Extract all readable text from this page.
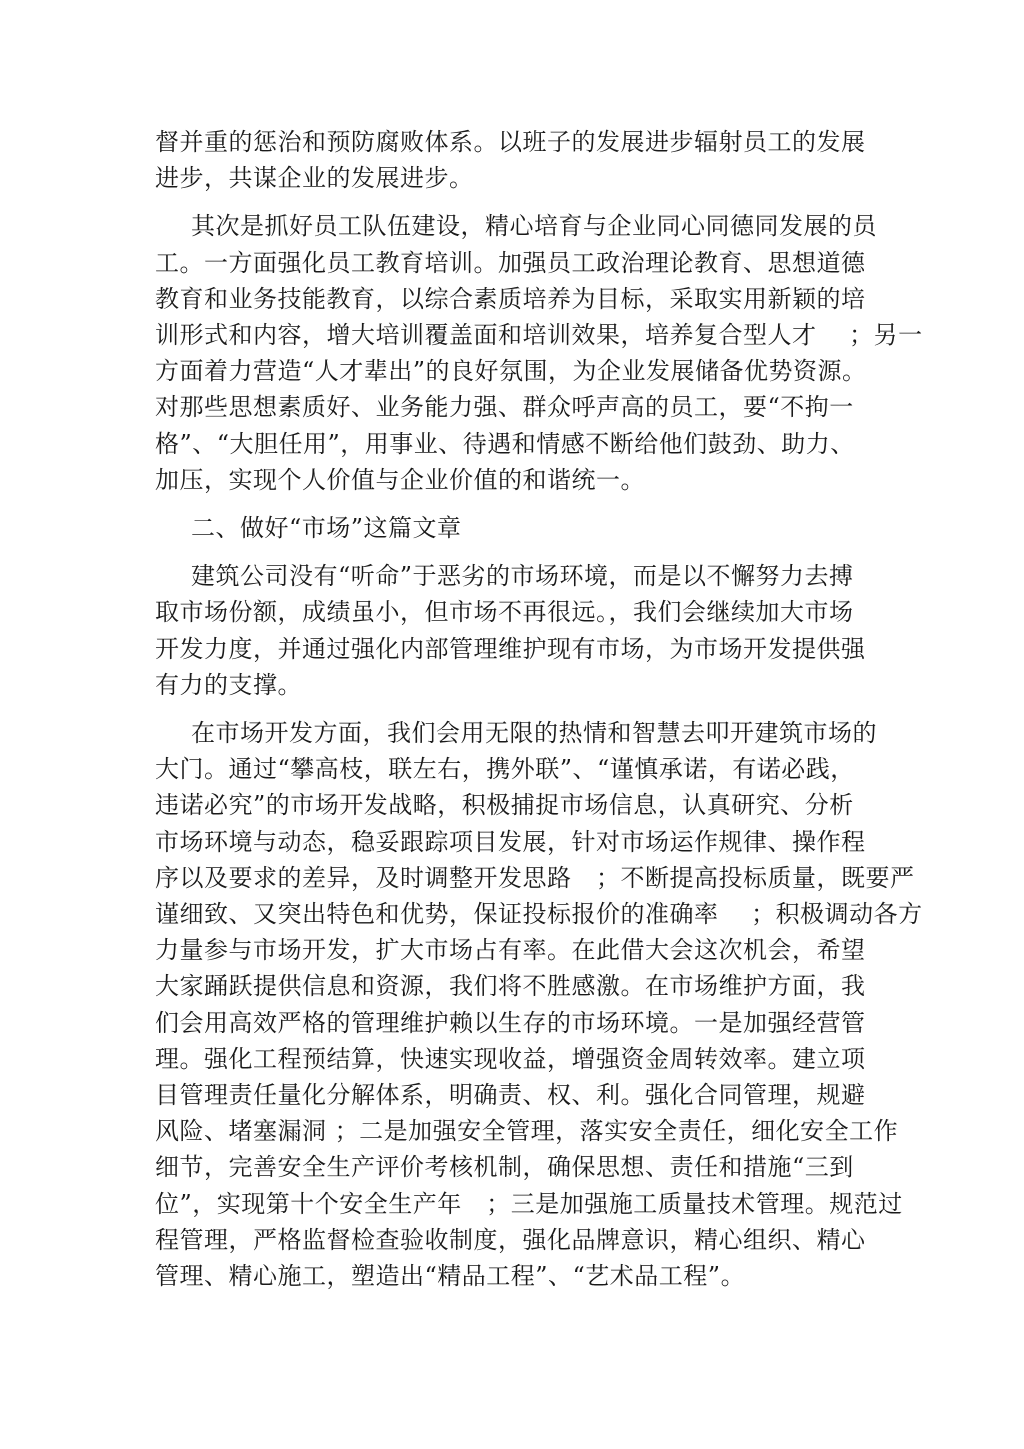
督并重的惩治和预防腐败体系。以班子的发展进步辐射员工的发展
进步，共谋企业的发展进步。
其次是抓好员工队伍建设，精心培育与企业同心同德同发展的员
工。一方面强化员工教育培训。加强员工政治理论教育、思想道德
教育和业务技能教育，以综合素质培养为目标，采取实用新颖的培
训形式和内容，增大培训覆盖面和培训效果，培养复合型人才　 ；另一
方面着力营造“人才辈出”的良好氛围，为企业发展储备优势资源。
对那些思想素质好、业务能力强、群众呼声高的员工，要“不拘一
格”、“大胆任用”，用事业、待遇和情感不断给他们鼓劲、助力、
加压，实现个人价值与企业价值的和谐统一。
二、做好“市场”这篇文章
建筑公司没有“听命”于恶劣的市场环境，而是以不懈努力去搏
取市场份额，成绩虽小，但市场不再很远。，我们会继续加大市场
开发力度，并通过强化内部管理维护现有市场，为市场开发提供强
有力的支撑。
在市场开发方面，我们会用无限的热情和智慧去叩开建筑市场的
大门。通过“攀高枝，联左右，携外联”、“谨慎承诺，有诺必践，
违诺必究”的市场开发战略，积极捕捉市场信息，认真研究、分析
市场环境与动态，稳妥跟踪项目发展，针对市场运作规律、操作程
序以及要求的差异，及时调整开发思路　；不断提高投标质量，既要严
谨细致、又突出特色和优势，保证投标报价的准确率　 ；积极调动各方
力量参与市场开发，扩大市场占有率。在此借大会这次机会，希望
大家踊跃提供信息和资源，我们将不胜感激。在市场维护方面，我
们会用高效严格的管理维护赖以生存的市场环境。一是加强经营管
理。强化工程预结算，快速实现收益，增强资金周转效率。建立项
目管理责任量化分解体系，明确责、权、利。强化合同管理，规避
风险、堵塞漏洞 ；二是加强安全管理，落实安全责任，细化安全工作
细节，完善安全生产评价考核机制，确保思想、责任和措施“三到
位”，实现第十个安全生产年　；三是加强施工质量技术管理。规范过
程管理，严格监督检查验收制度，强化品牌意识，精心组织、精心
管理、精心施工，塑造出“精品工程”、“艺术品工程”。
